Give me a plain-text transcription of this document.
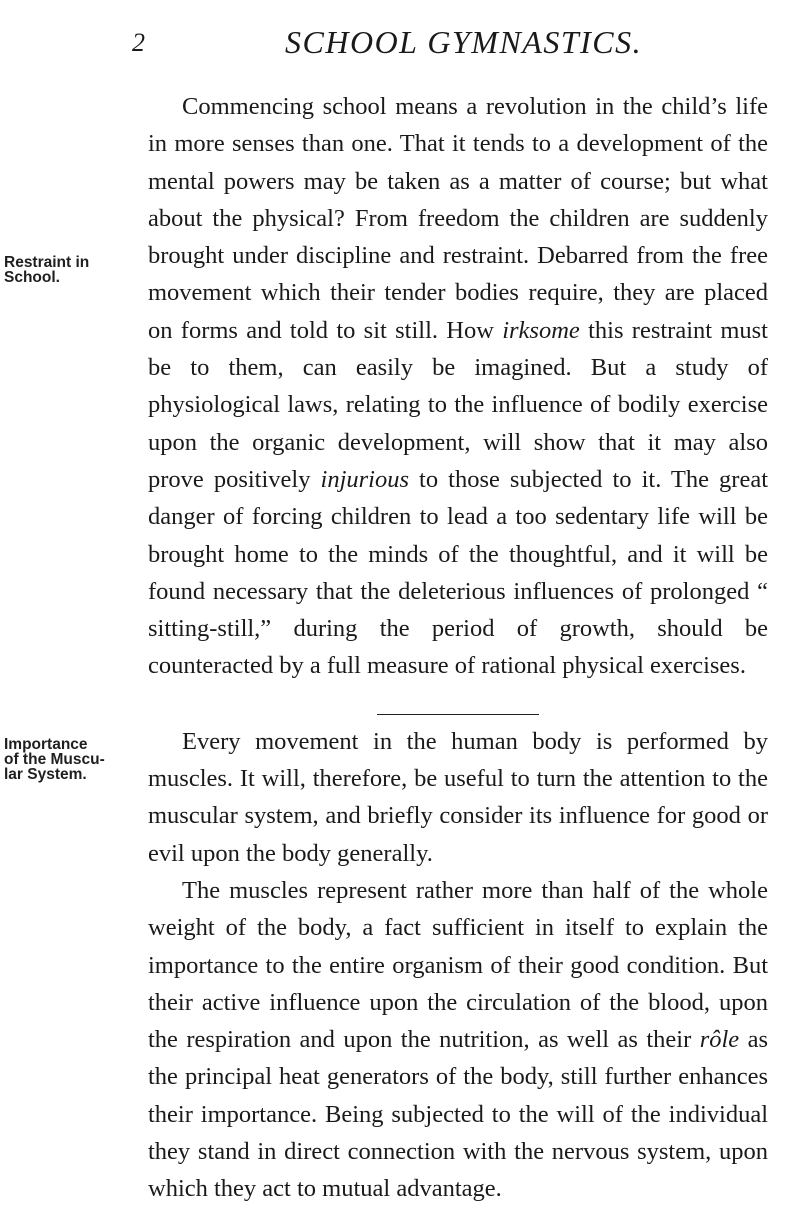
2	SCHOOL GYMNASTICS.
Restraint in
School.
Importance
of the Muscu-
lar System.

Commencing school means a revolution in the child’s life in more senses than one. That it tends to a development of the mental powers may be taken as a matter of course; but what about the physical? From freedom the children are suddenly brought under discipline and restraint. Debarred from the free movement which their tender bodies require, they are placed on forms and told to sit still. How irksome this restraint must be to them, can easily be imagined. But a study of physiological laws, relating to the influence of bodily exercise upon the organic development, will show that it may also prove positively injurious to those subjected to it. The great danger of forcing children to lead a too sedentary life will be brought home to the minds of the thoughtful, and it will be found necessary that the deleterious influences of prolonged “ sitting-still,” during the period of growth, should be counteracted by a full measure of rational physical exercises.

Every movement in the human body is performed by muscles. It will, therefore, be useful to turn the attention to the muscular system, and briefly consider its influence for good or evil upon the body generally.

The muscles represent rather more than half of the whole weight of the body, a fact sufficient in itself to explain the importance to the entire organism of their good condition. But their active influence upon the circulation of the blood, upon the respiration and upon the nutrition, as well as their rôle as the principal heat generators of the body, still further enhances their importance. Being subjected to the will of the individual they stand in direct connection with the nervous system, upon which they act to mutual advantage.
